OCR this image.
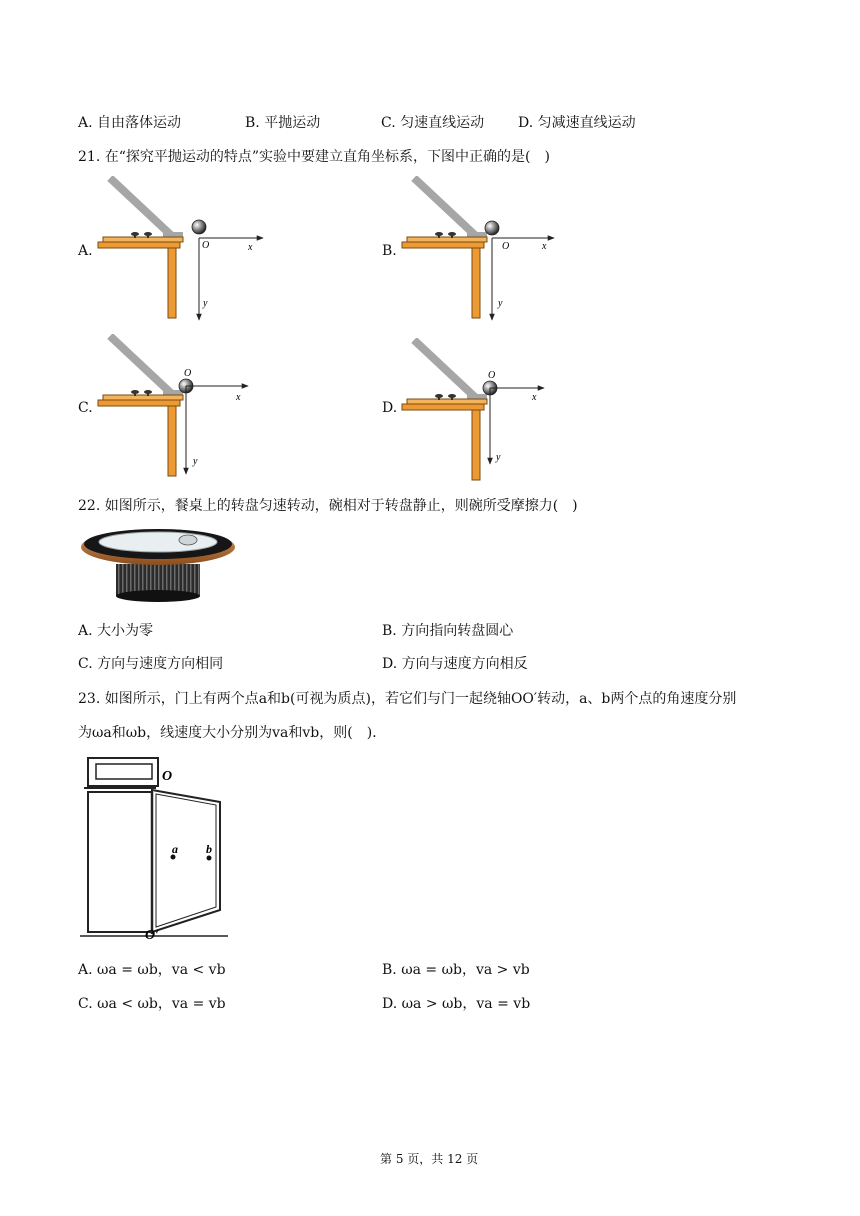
A. 自由落体运动	B. 平抛运动	C. 匀速直线运动 D. 匀减速直线运动
21. 在“探究平抛运动的特点”实验中要建立直角坐标系，下图中正确的是(　)
A.	O	x
y
B.	O	x
y
C.
O
x
y
D.
O
x
y
22. 如图所示，餐桌上的转盘匀速转动，碗相对于转盘静止，则碗所受摩擦力(　)
A. 大小为零	B. 方向指向转盘圆心
C. 方向与速度方向相同	D. 方向与速度方向相反
23. 如图所示，门上有两个点a和b(可视为质点)，若它们与门一起绕轴OO′转动，a、b两个点的角速度分别
为ωa和ωb，线速度大小分别为va和vb，则(　)．
O
O′
a b
A. ωa = ωb，va < vb	B. ωa = ωb，va > vb
C. ωa < ωb，va = vb	D. ωa > ωb，va = vb
第 5 页，共 12 页
